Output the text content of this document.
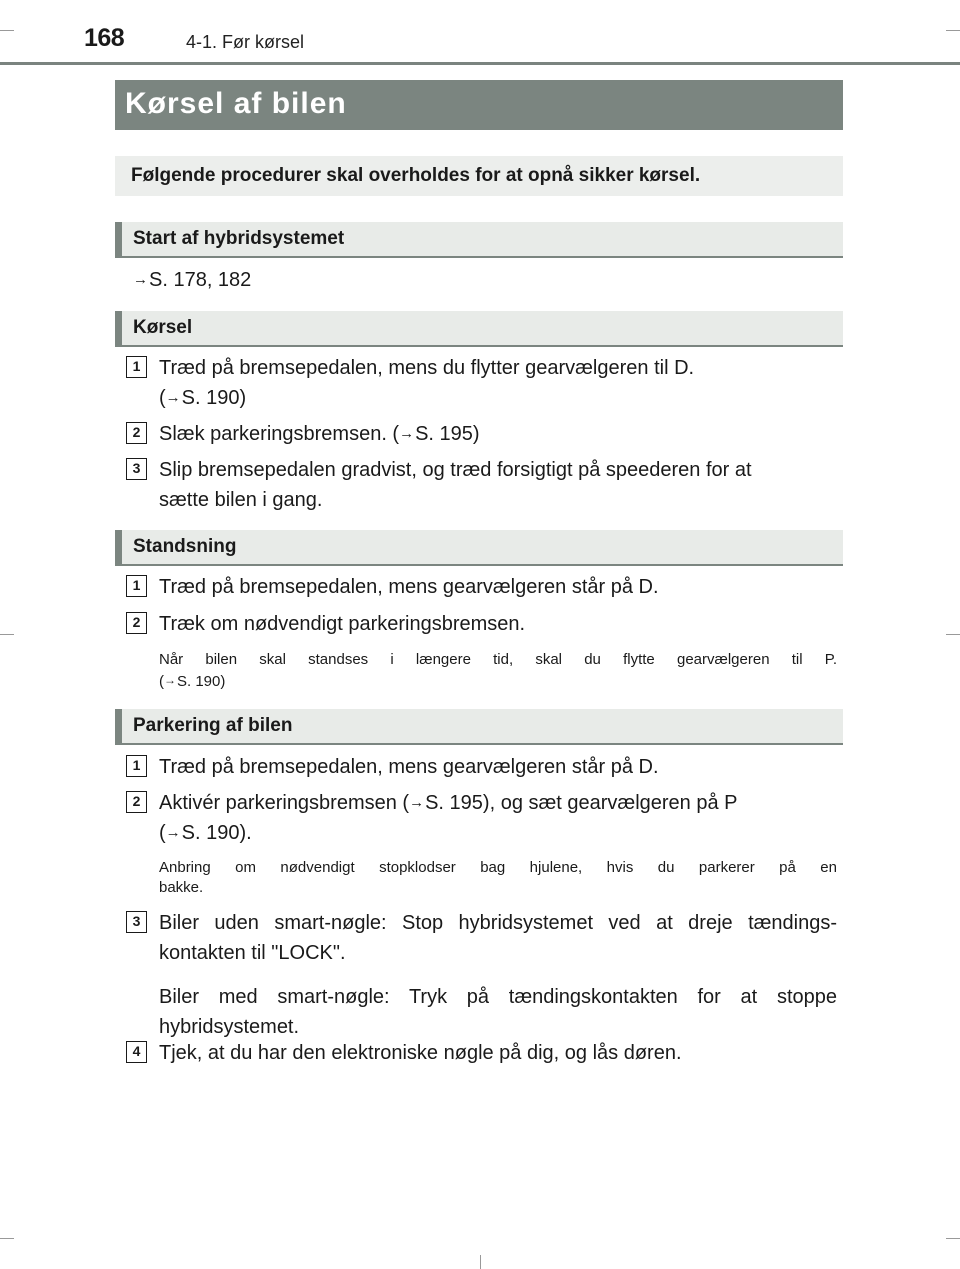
168	4-1. Før kørsel
Kørsel af bilen
Følgende procedurer skal overholdes for at opnå sikker kørsel.
Start af hybridsystemet
→S. 178, 182
Kørsel
1 Træd på bremsepedalen, mens du flytter gearvælgeren til D.
(→S. 190)
2 Slæk parkeringsbremsen. (→S. 195)
3 Slip bremsepedalen gradvist, og træd forsigtigt på speederen for at
sætte bilen i gang.
Standsning
1 Træd på bremsepedalen, mens gearvælgeren står på D.
2 Træk om nødvendigt parkeringsbremsen.
Når bilen skal standses i længere tid, skal du flytte gearvælgeren til P.
(→S. 190)
Parkering af bilen
1 Træd på bremsepedalen, mens gearvælgeren står på D.
2 Aktivér parkeringsbremsen (→S. 195), og sæt gearvælgeren på P
(→S. 190).
Anbring om nødvendigt stopklodser bag hjulene, hvis du parkerer på en
bakke.
3 Biler uden smart-nøgle: Stop hybridsystemet ved at dreje tændings-
kontakten til "LOCK".
Biler med smart-nøgle: Tryk på tændingskontakten for at stoppe
hybridsystemet.
4 Tjek, at du har den elektroniske nøgle på dig, og lås døren.
